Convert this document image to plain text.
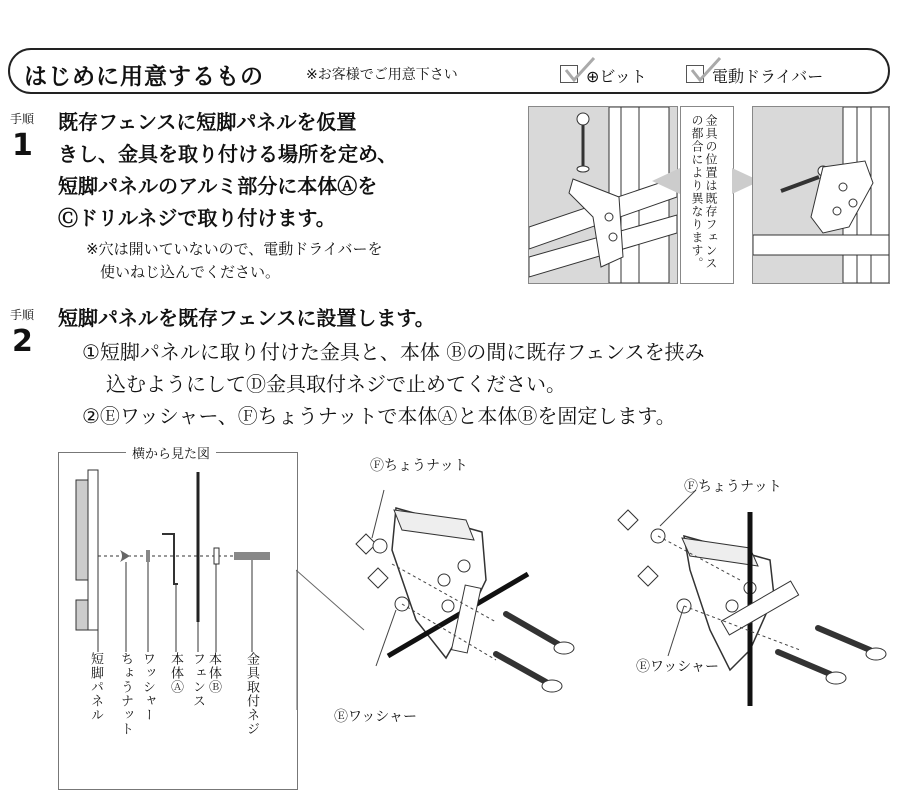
はじめに用意するもの	※お客様でご用意下さい	⊕ビット	電動ドライバー
手順
1
既存フェンスに短脚パネルを仮置
きし、金具を取り付ける場所を定め、
短脚パネルのアルミ部分に本体Ⓐを
Ⓒドリルネジで取り付けます。
※穴は開いていないので、電動ドライバーを
使いねじ込んでください。
金具の位置は既存フェンスの都合により異なります。
手順
2
短脚パネルを既存フェンスに設置します。
①短脚パネルに取り付けた金具と、本体 Ⓑの間に既存フェンスを挟み
込むようにしてⒹ金具取付ネジで止めてください。
②Ⓔワッシャー、Ⓕちょうナットで本体Ⓐと本体Ⓑを固定します。
横から見た図
短脚パネル ちょうナット ワッシャー 本体Ⓐ 本体Ⓑ
フェンス	金具取付ネジ
Ⓕちょうナット
Ⓔワッシャー
Ⓕちょうナット
Ⓔワッシャー
